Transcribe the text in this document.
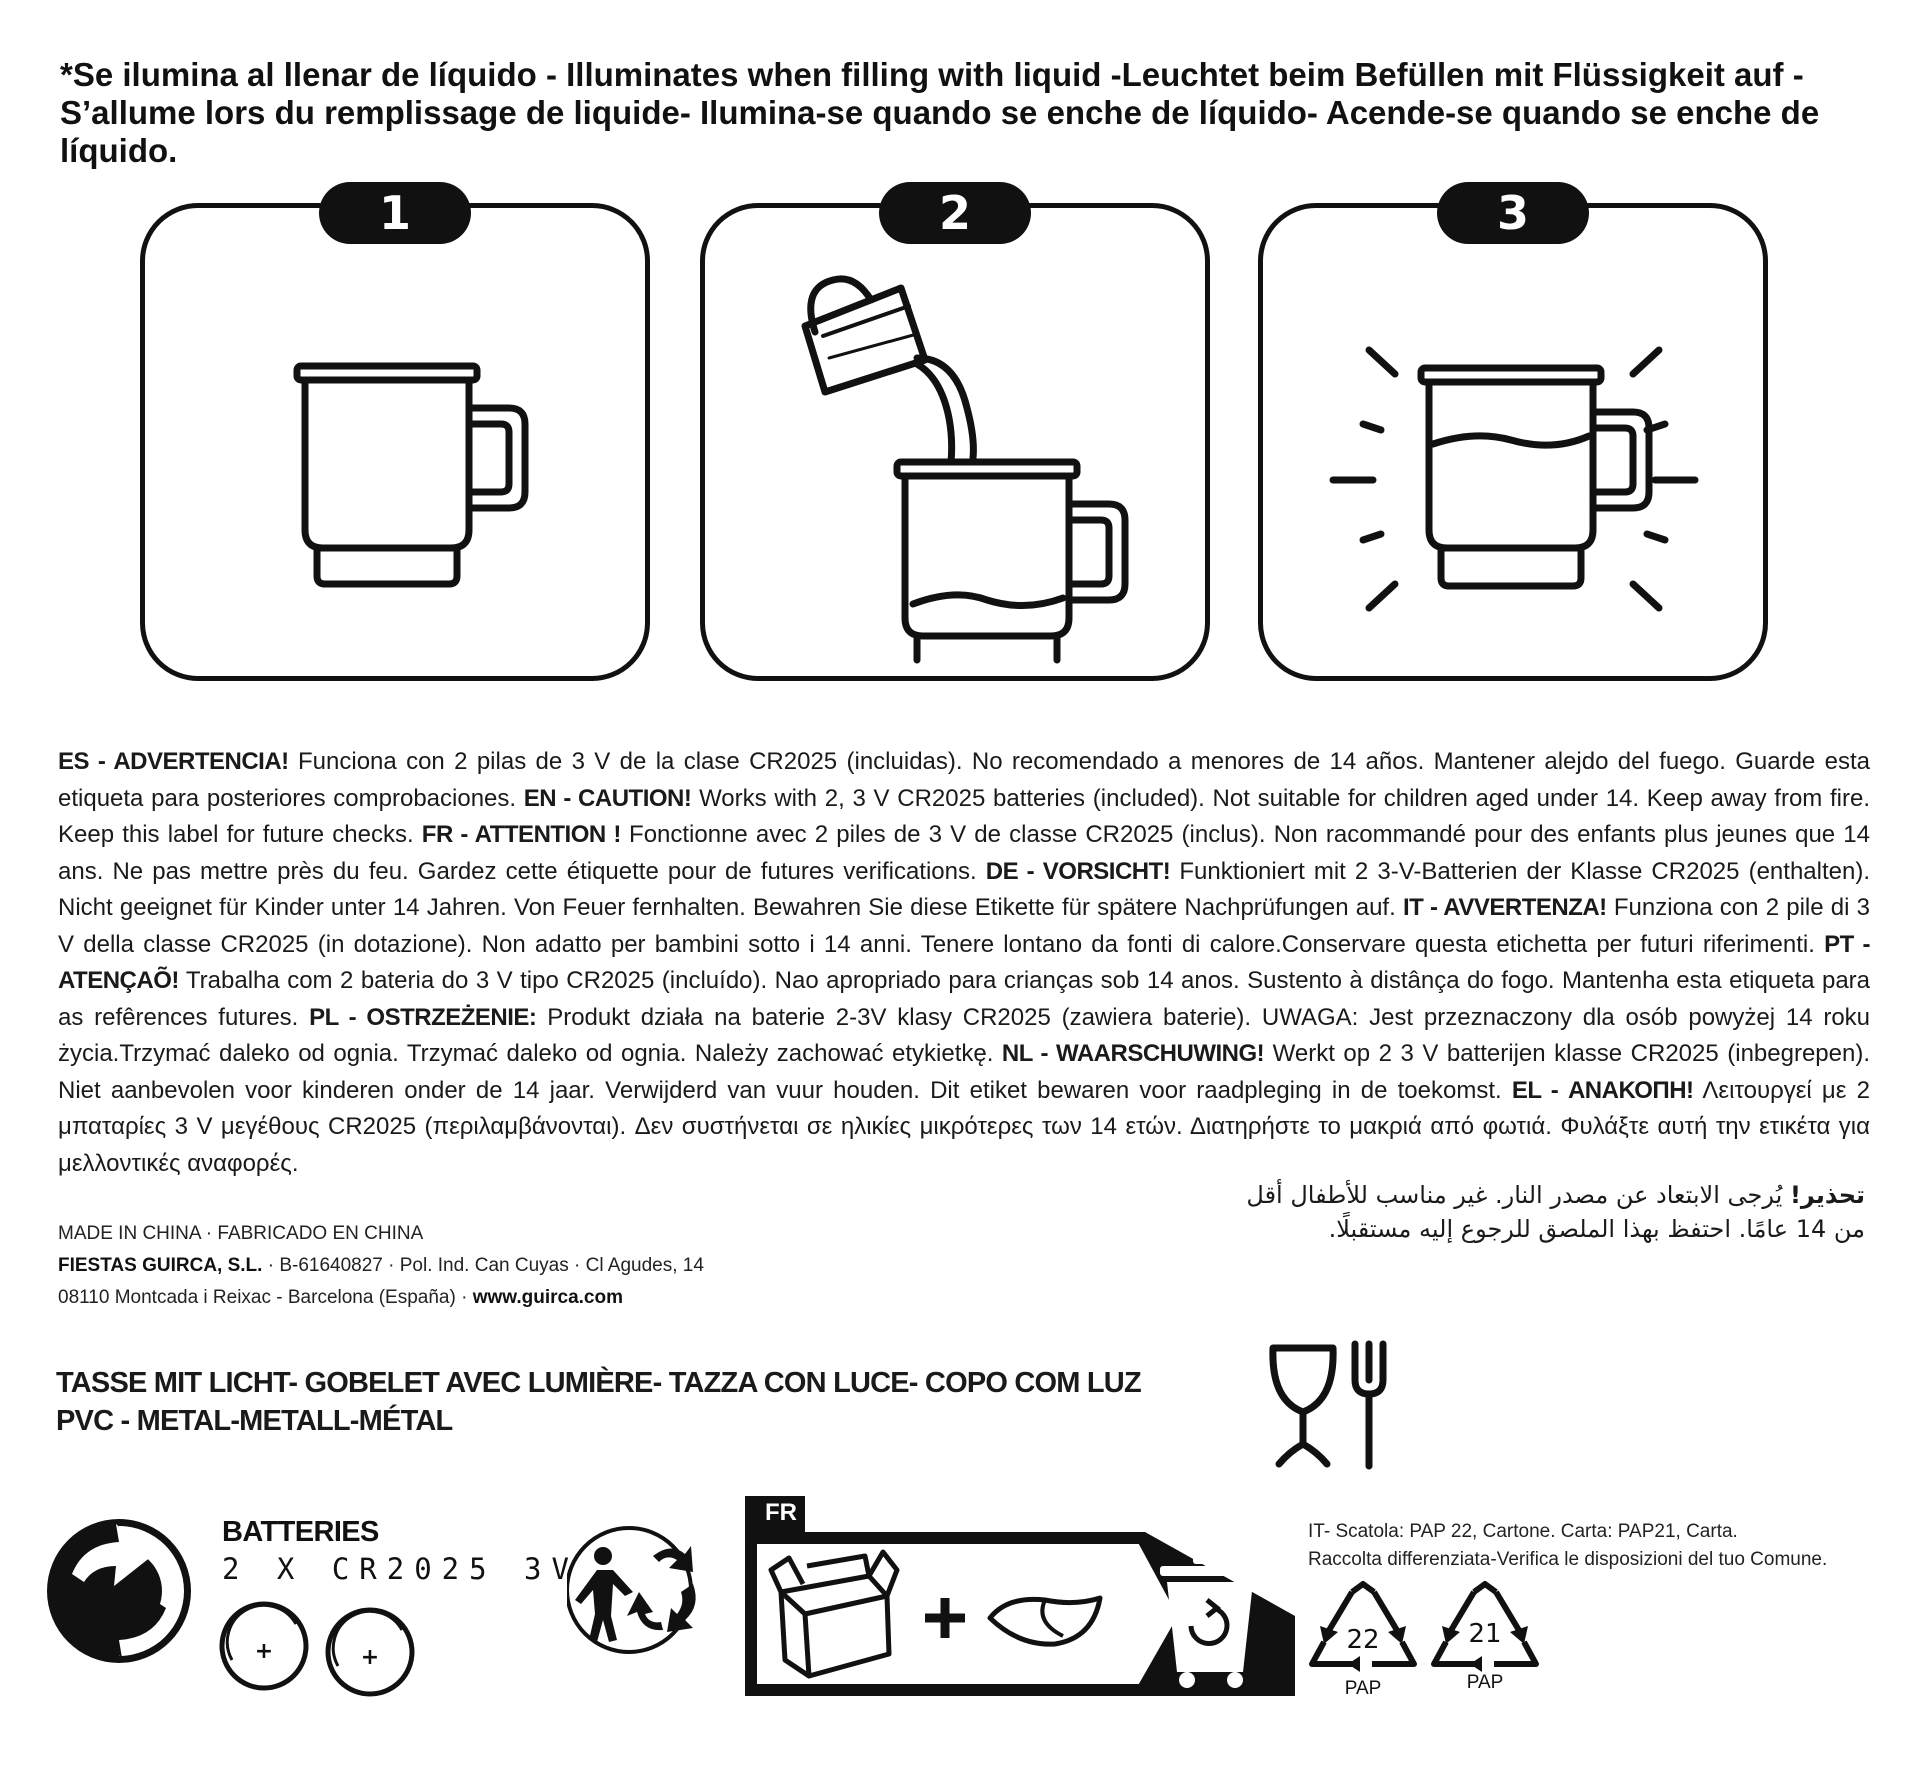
*Se ilumina al llenar de líquido - Illuminates when filling with liquid -Leuchtet beim Befüllen mit Flüssigkeit auf -S’allume lors du remplissage de liquide- Ilumina-se quando se enche de líquido- Acende-se quando se enche de líquido.
1	2	3
ES - ADVERTENCIA! Funciona con 2 pilas de 3 V de la clase CR2025 (incluidas). No recomendado a menores de 14 años. Mantener alejdo del fuego. Guarde esta etiqueta para posteriores comprobaciones. EN - CAUTION! Works with 2, 3 V CR2025 batteries (included). Not suitable for children aged under 14. Keep away from fire. Keep this label for future checks. FR - ATTENTION ! Fonctionne avec 2 piles de 3 V de classe CR2025 (inclus). Non racommandé pour des enfants plus jeunes que 14 ans. Ne pas mettre près du feu. Gardez cette étiquette pour de futures verifications. DE - VORSICHT! Funktioniert mit 2 3-V-Batterien der Klasse CR2025 (enthalten). Nicht geeignet für Kinder unter 14 Jahren. Von Feuer fernhalten. Bewahren Sie diese Etikette für spätere Nachprüfungen auf. IT - AVVERTENZA! Funziona con 2 pile di 3 V della classe CR2025 (in dotazione). Non adatto per bambini sotto i 14 anni. Tenere lontano da fonti di calore.Conservare questa etichetta per futuri riferimenti. PT - ATENÇAÕ! Trabalha com 2 bateria do 3 V tipo CR2025 (incluído). Nao apropriado para crianças sob 14 anos. Sustento à distânça do fogo. Mantenha esta etiqueta para as refêrences futures. PL - OSTRZEŻENIE: Produkt działa na baterie 2-3V klasy CR2025 (zawiera baterie). UWAGA: Jest przeznaczony dla osób powyżej 14 roku życia.Trzymać daleko od ognia. Trzymać daleko od ognia. Należy zachować etykietkę. NL - WAARSCHUWING! Werkt op 2 3 V batterijen klasse CR2025 (inbegrepen). Niet aanbevolen voor kinderen onder de 14 jaar. Verwijderd van vuur houden. Dit etiket bewaren voor raadpleging in de toekomst. EL - ΑΝΑΚΟΠΗ! Λειτουργεί με 2 μπαταρίες 3 V μεγέθους CR2025 (περιλαμβάνονται). Δεν συστήνεται σε ηλικίες μικρότερες των 14 ετών. Διατηρήστε το μακριά από φωτιά. Φυλάξτε αυτή την ετικέτα για μελλοντικές αναφορές.
تحذير! يُرجى الابتعاد عن مصدر النار. غير مناسب للأطفال أقل
من 14 عامًا. احتفظ بهذا الملصق للرجوع إليه مستقبلًا.
MADE IN CHINA · FABRICADO EN CHINA
FIESTAS GUIRCA, S.L. · B-61640827 · Pol. Ind. Can Cuyas · Cl Agudes, 14
08110 Montcada i Reixac - Barcelona (España) · www.guirca.com
TASSE MIT LICHT- GOBELET AVEC LUMIÈRE- TAZZA CON LUCE- COPO COM LUZ
PVC - METAL-METALL-MÉTAL
BATTERIES
2 X CR2025 3V
+	+
FR
IT- Scatola: PAP 22, Cartone. Carta: PAP21, Carta.
Raccolta differenziata-Verifica le disposizioni del tuo Comune.
22
PAP
21
PAP
